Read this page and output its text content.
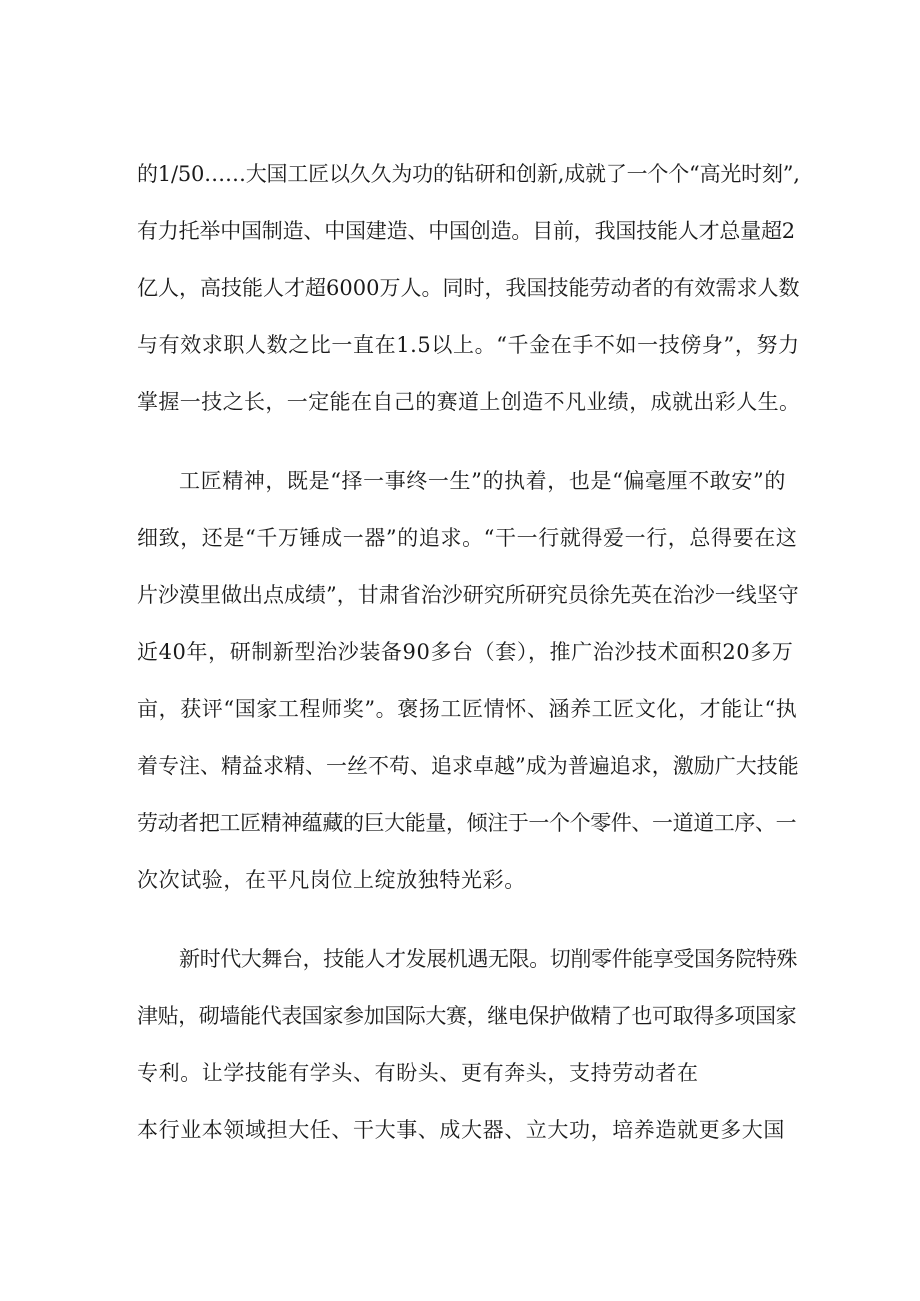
的1/50……大国工匠以久久为功的钻研和创新,成就了一个个“高光时刻”,
有力托举中国制造、中国建造、中国创造。目前，我国技能人才总量超2
亿人，高技能人才超6000万人。同时，我国技能劳动者的有效需求人数
与有效求职人数之比一直在1.5以上。“千金在手不如一技傍身”，努力
掌握一技之长，一定能在自己的赛道上创造不凡业绩，成就出彩人生。
工匠精神，既是“择一事终一生”的执着，也是“偏毫厘不敢安”的
细致，还是“千万锤成一器”的追求。“干一行就得爱一行，总得要在这
片沙漠里做出点成绩”，甘肃省治沙研究所研究员徐先英在治沙一线坚守
近40年，研制新型治沙装备90多台（套），推广治沙技术面积20多万
亩，获评“国家工程师奖”。褒扬工匠情怀、涵养工匠文化，才能让“执
着专注、精益求精、一丝不苟、追求卓越”成为普遍追求，激励广大技能
劳动者把工匠精神蕴藏的巨大能量，倾注于一个个零件、一道道工序、一
次次试验，在平凡岗位上绽放独特光彩。
新时代大舞台，技能人才发展机遇无限。切削零件能享受国务院特殊
津贴，砌墙能代表国家参加国际大赛，继电保护做精了也可取得多项国家
专利。让学技能有学头、有盼头、更有奔头，支持劳动者在
本行业本领域担大任、干大事、成大器、立大功，培养造就更多大国
